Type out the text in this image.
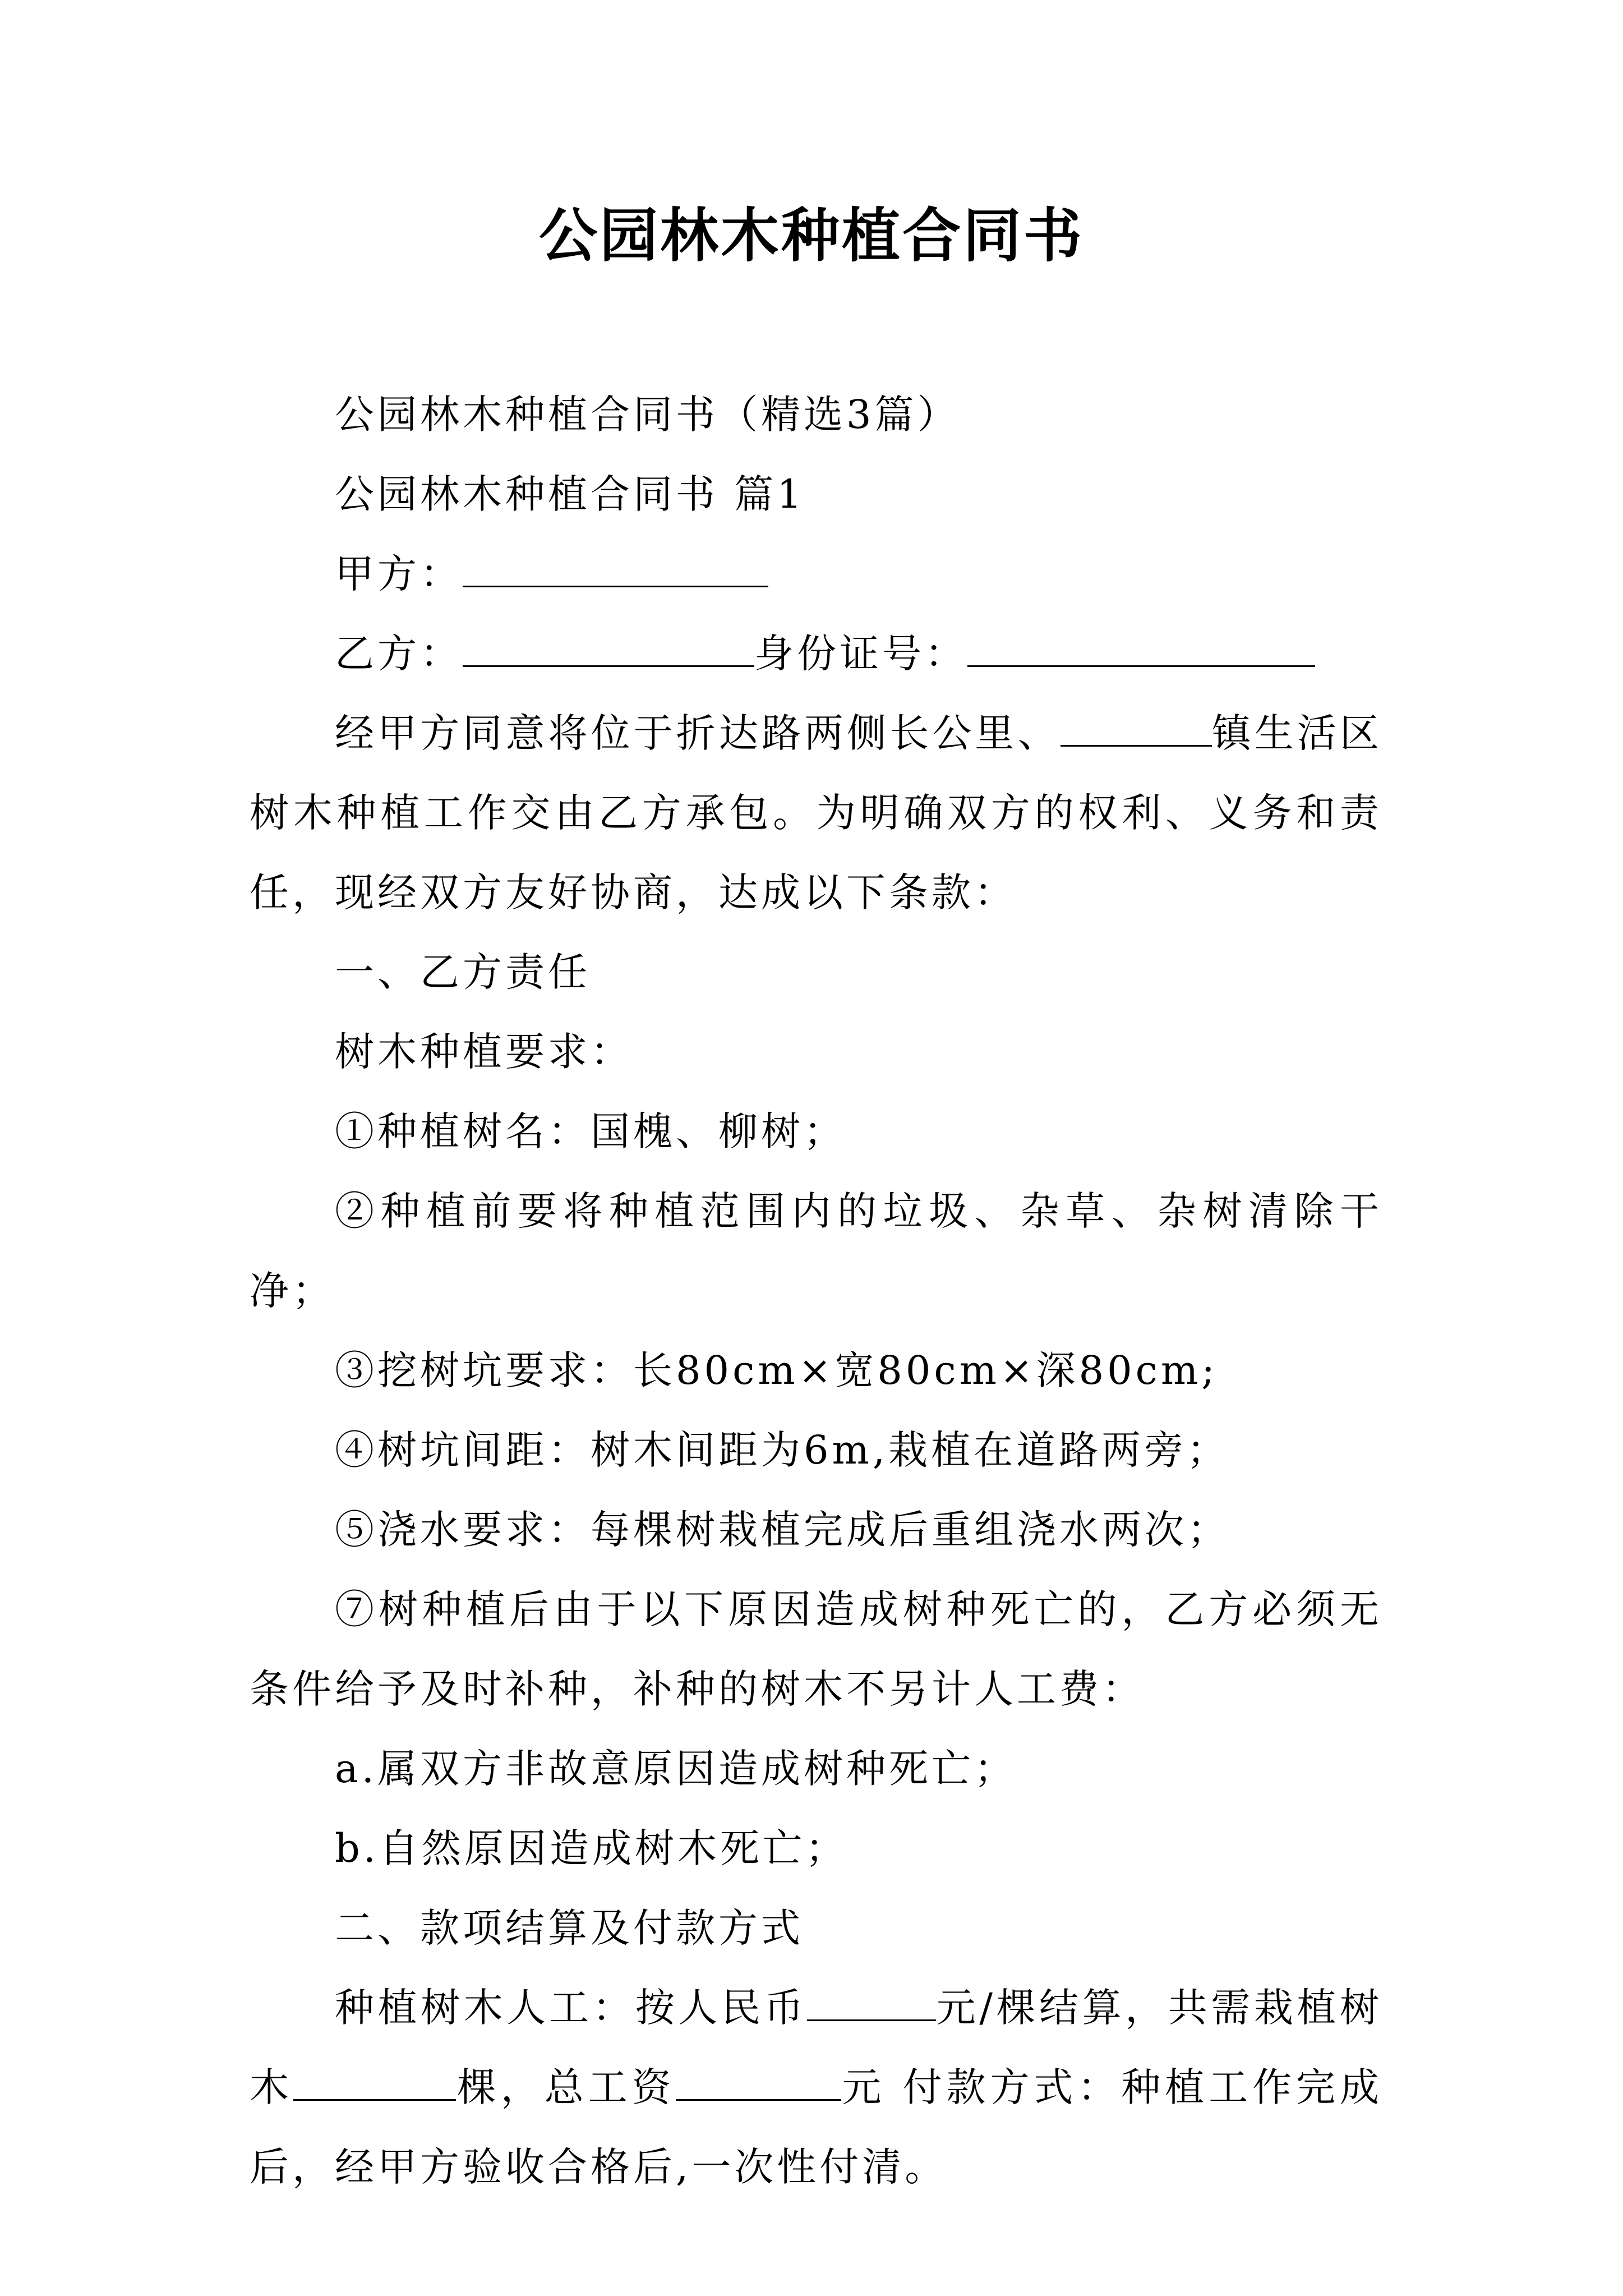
公园林木种植合同书

公园林木种植合同书（精选3篇）

公园林木种植合同书 篇1

甲方：

乙方：	身份证号：

经甲方同意将位于折达路两侧长公里、	镇生活区树木种植工作交由乙方承包。为明确双方的权利、义务和责任，现经双方友好协商，达成以下条款：

一、乙方责任

树木种植要求：

①种植树名：国槐、柳树；

②种植前要将种植范围内的垃圾、杂草、杂树清除干净；

③挖树坑要求：长80cm×宽80cm×深80cm;

④树坑间距：树木间距为6m,栽植在道路两旁；

⑤浇水要求：每棵树栽植完成后重组浇水两次；

⑦树种植后由于以下原因造成树种死亡的，乙方必须无条件给予及时补种，补种的树木不另计人工费：

a.属双方非故意原因造成树种死亡；

b.自然原因造成树木死亡；

二、款项结算及付款方式

种植树木人工：按人民币	元/棵结算，共需栽植树木	棵，总工资	元 付款方式：种植工作完成后，经甲方验收合格后,一次性付清。
